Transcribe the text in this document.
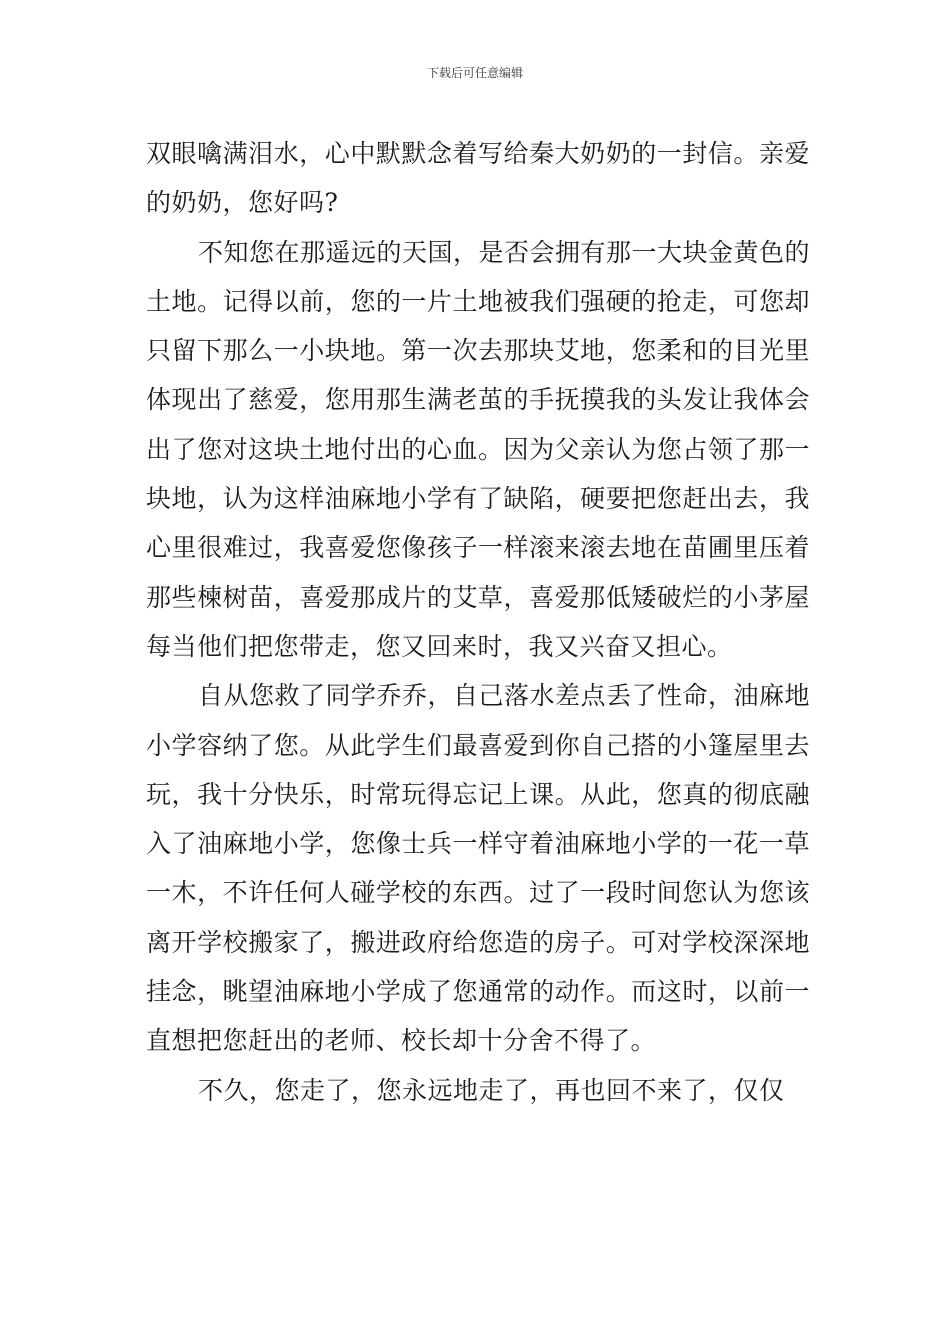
下载后可任意编辑

双眼噙满泪水，心中默默念着写给秦大奶奶的一封信。亲爱的奶奶，您好吗?

不知您在那遥远的天国，是否会拥有那一大块金黄色的土地。记得以前，您的一片土地被我们强硬的抢走，可您却只留下那么一小块地。第一次去那块艾地，您柔和的目光里体现出了慈爱，您用那生满老茧的手抚摸我的头发让我体会出了您对这块土地付出的心血。因为父亲认为您占领了那一块地，认为这样油麻地小学有了缺陷，硬要把您赶出去，我心里很难过，我喜爱您像孩子一样滚来滚去地在苗圃里压着那些楝树苗，喜爱那成片的艾草，喜爱那低矮破烂的小茅屋每当他们把您带走，您又回来时，我又兴奋又担心。

自从您救了同学乔乔，自己落水差点丢了性命，油麻地小学容纳了您。从此学生们最喜爱到你自己搭的小篷屋里去玩，我十分快乐，时常玩得忘记上课。从此，您真的彻底融入了油麻地小学，您像士兵一样守着油麻地小学的一花一草一木，不许任何人碰学校的东西。过了一段时间您认为您该离开学校搬家了，搬进政府给您造的房子。可对学校深深地挂念，眺望油麻地小学成了您通常的动作。而这时，以前一直想把您赶出的老师、校长却十分舍不得了。

不久，您走了，您永远地走了，再也回不来了，仅仅
